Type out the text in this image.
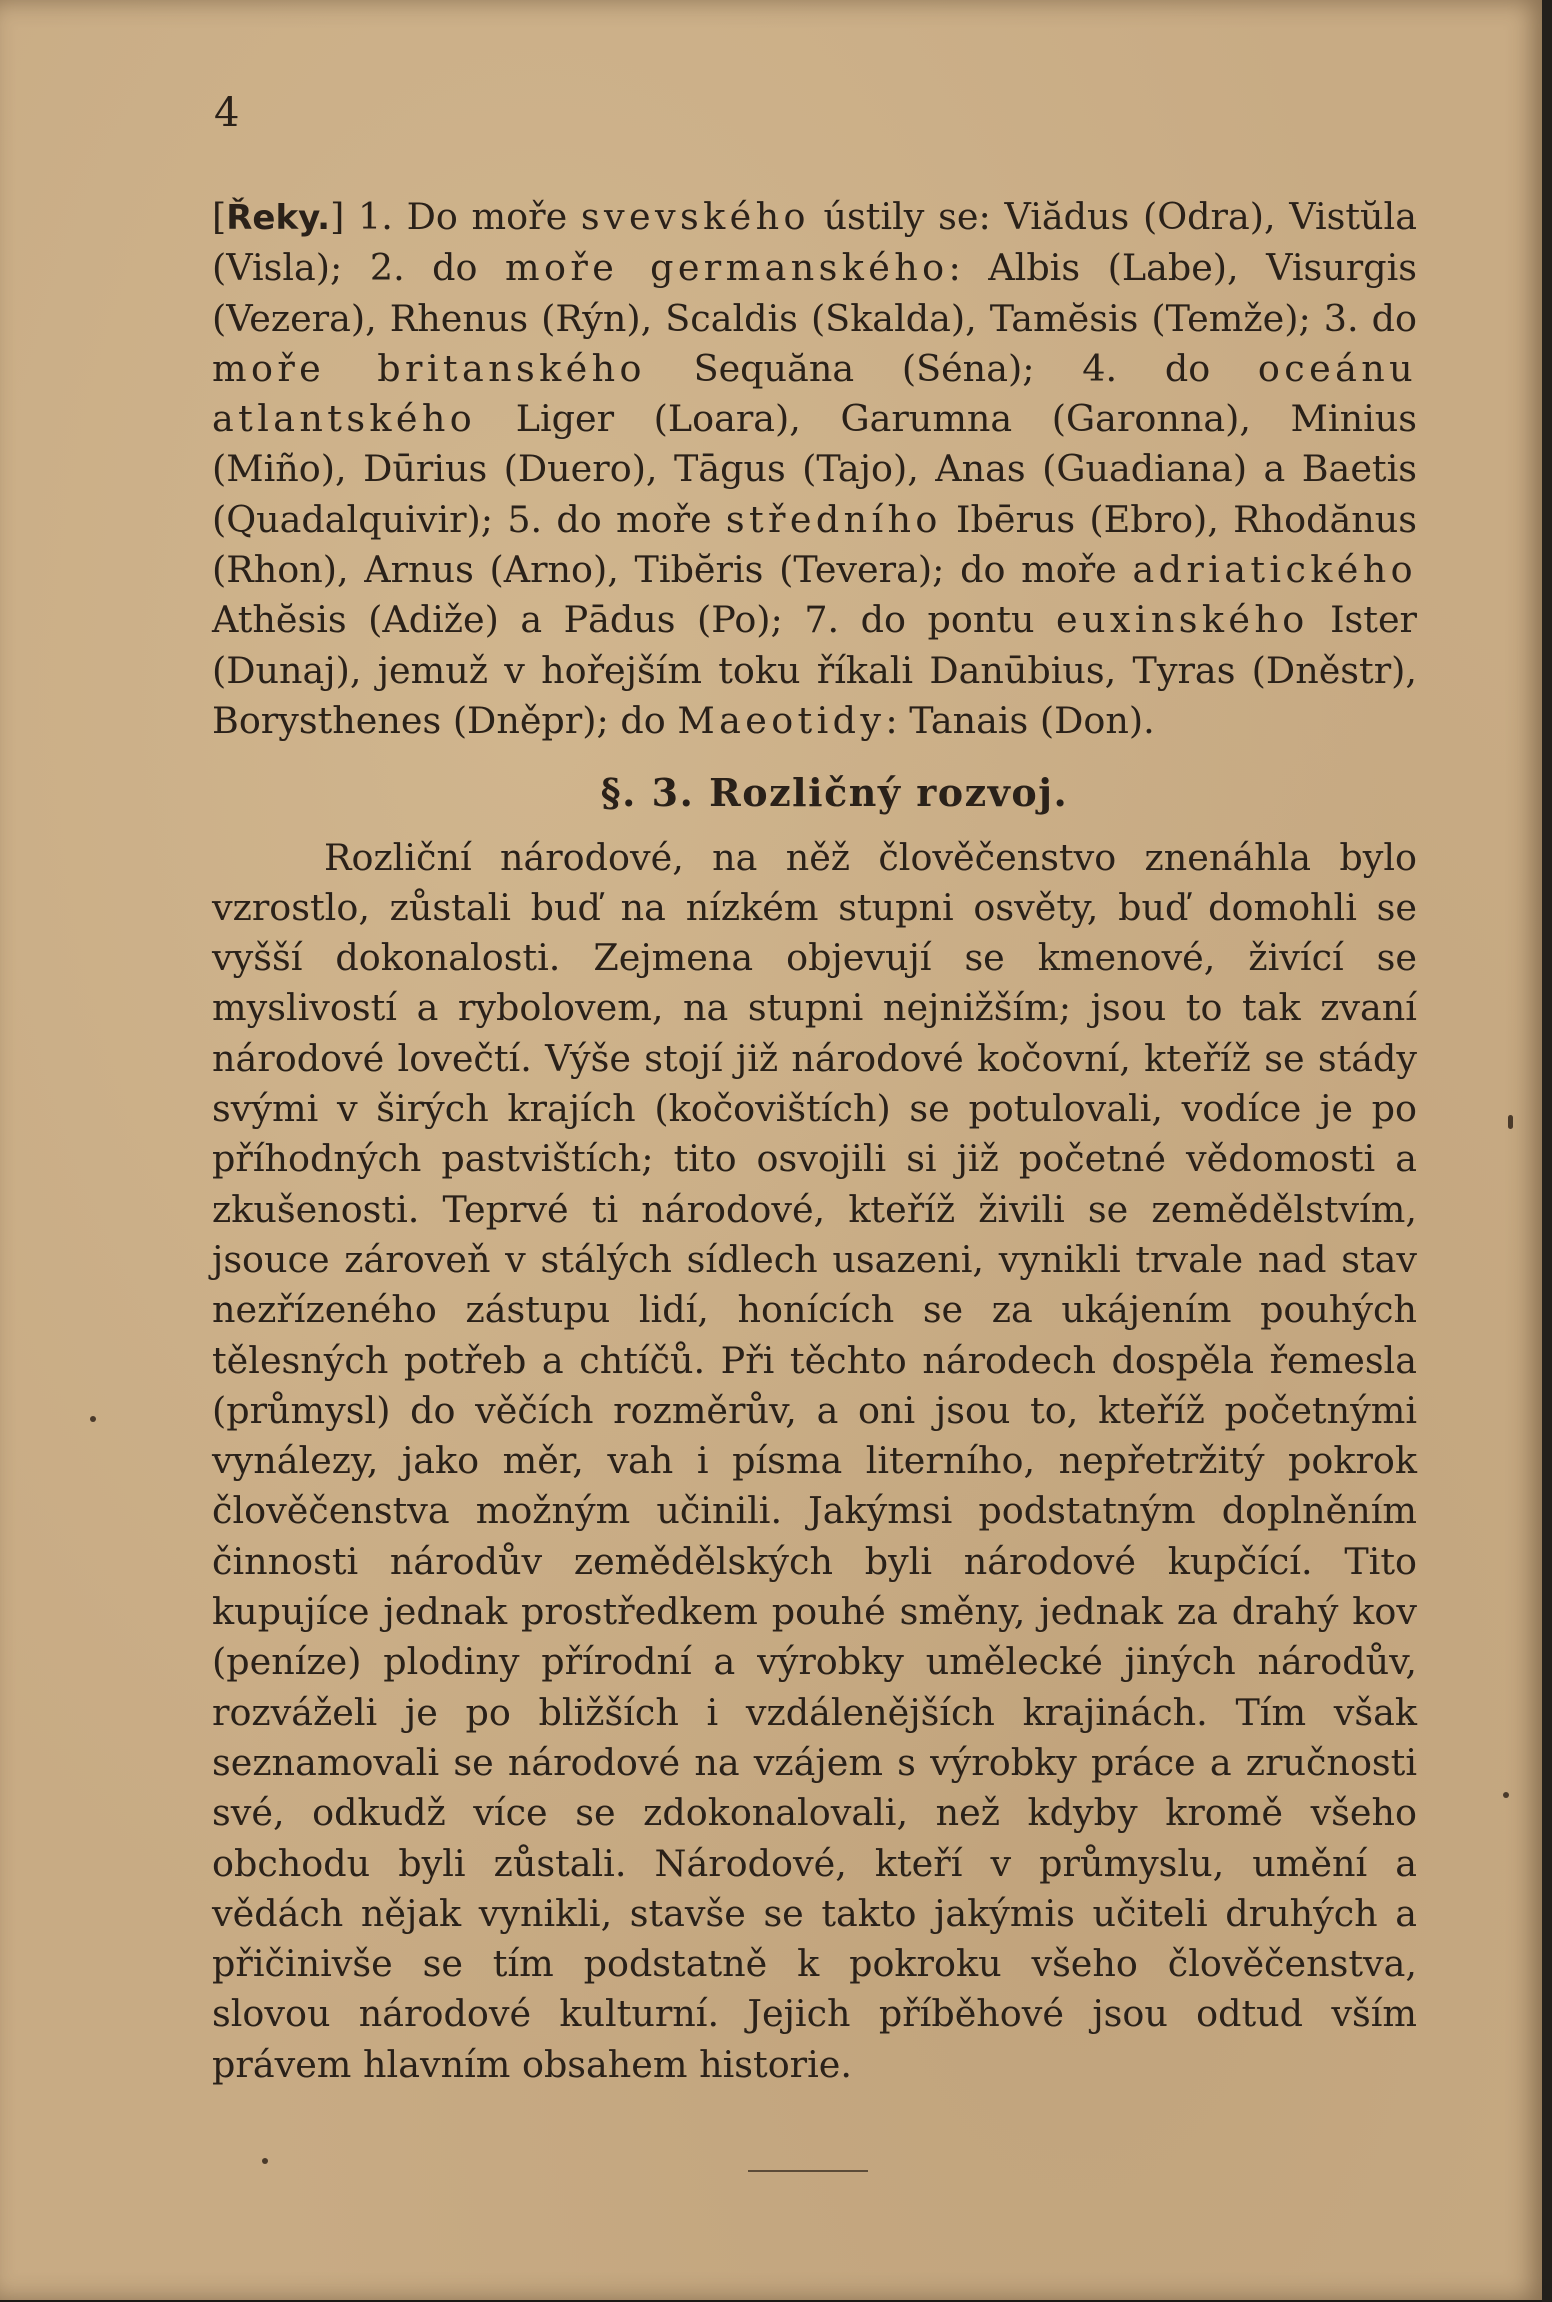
4

[Řeky.] 1. Do moře svevského ústily se: Viădus (Odra), Vistŭla (Visla); 2. do moře germanského: Albis (Labe), Visurgis (Vezera), Rhenus (Rýn), Scaldis (Skalda), Tamĕsis (Temže); 3. do moře britanského Sequăna (Séna); 4. do oceánu atlantského Liger (Loara), Garumna (Garonna), Minius (Miño), Dūrius (Duero), Tāgus (Tajo), Anas (Guadiana) a Baetis (Quadalquivir); 5. do moře středního Ibērus (Ebro), Rhodănus (Rhon), Arnus (Arno), Tibĕris (Tevera); do moře adriatického Athĕsis (Adiže) a Pādus (Po); 7. do pontu euxinského Ister (Dunaj), jemuž v hořejším toku říkali Danūbius, Tyras (Dněstr), Borysthenes (Dněpr); do Maeotidy: Tanais (Don).

§. 3. Rozličný rozvoj.

Rozliční národové, na něž člověčenstvo znenáhla bylo vzrostlo, zůstali buď na nízkém stupni osvěty, buď domohli se vyšší dokonalosti. Zejmena objevují se kmenové, živící se myslivostí a rybolovem, na stupni nejnižším; jsou to tak zvaní národové lovečtí. Výše stojí již národové kočovní, kteříž se stády svými v širých krajích (kočovištích) se potulovali, vodíce je po příhodných pastvištích; tito osvojili si již početné vědomosti a zkušenosti. Teprvé ti národové, kteříž živili se zemědělstvím, jsouce zároveň v stálých sídlech usazeni, vynikli trvale nad stav nezřízeného zástupu lidí, honících se za ukájením pouhých tělesných potřeb a chtíčů. Při těchto národech dospěla řemesla (průmysl) do věčích rozměrův, a oni jsou to, kteříž početnými vynálezy, jako měr, vah i písma literního, nepřetržitý pokrok člověčenstva možným učinili. Jakýmsi podstatným doplněním činnosti národův zemědělských byli národové kupčící. Tito kupujíce jednak prostředkem pouhé směny, jednak za drahý kov (peníze) plodiny přírodní a výrobky umělecké jiných národův, rozváželi je po bližších i vzdálenějších krajinách. Tím však seznamovali se národové na vzájem s výrobky práce a zručnosti své, odkudž více se zdokonalovali, než kdyby kromě všeho obchodu byli zůstali. Národové, kteří v průmyslu, umění a vědách nějak vynikli, stavše se takto jakýmis učiteli druhých a přičinivše se tím podstatně k pokroku všeho člověčenstva, slovou národové kulturní. Jejich příběhové jsou odtud vším právem hlavním obsahem historie.
